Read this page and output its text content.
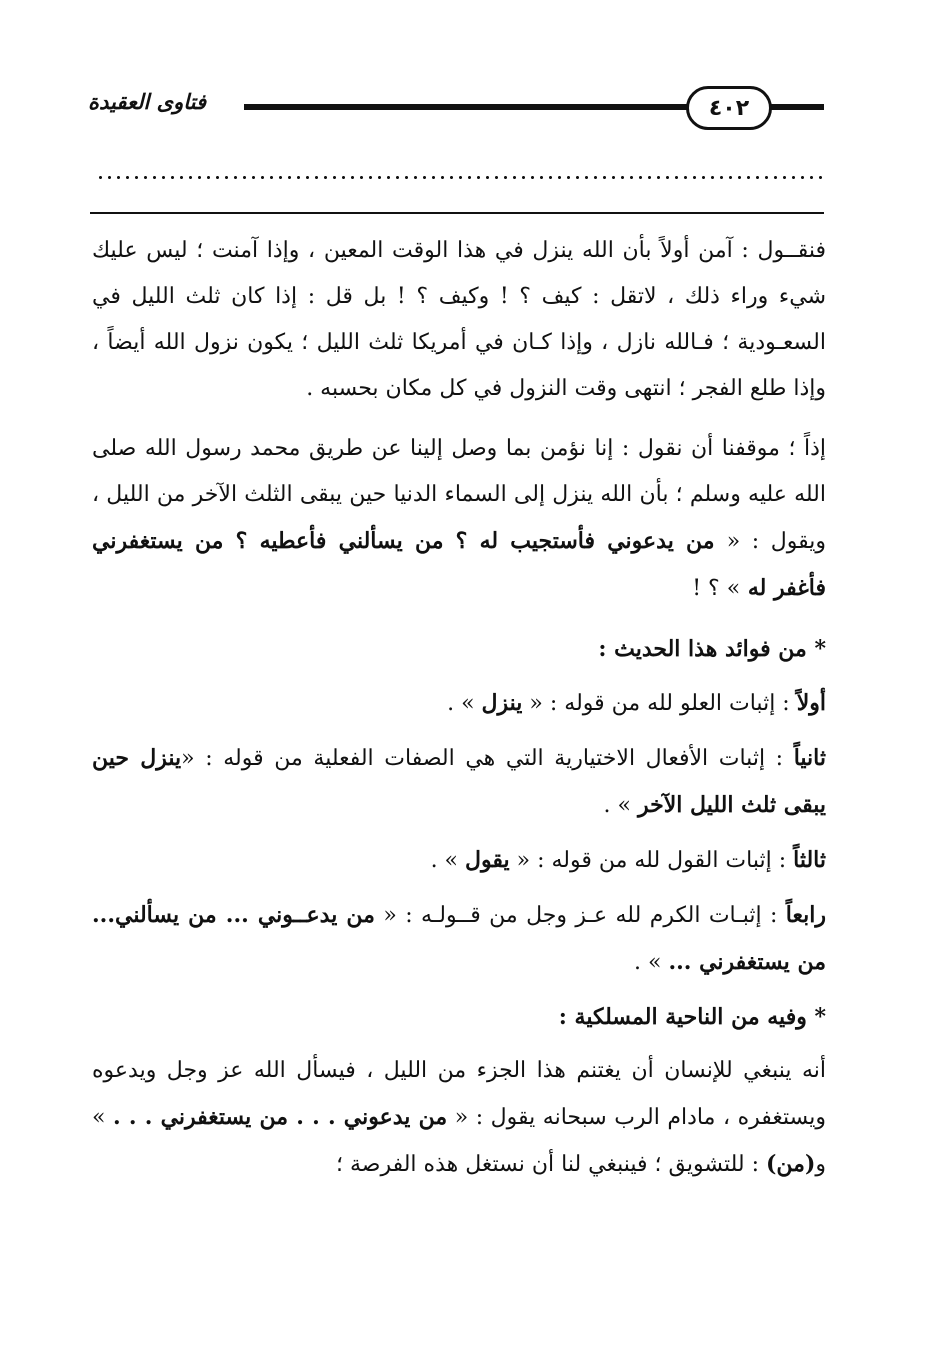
فتاوى العقيدة	٤٠٢

فنقــول : آمن أولاً بأن الله ينزل في هذا الوقت المعين ، وإذا آمنت ؛ ليس عليك شيء وراء ذلك ، لاتقل : كيف ؟ ! وكيف ؟ ! بل قل : إذا كان ثلث الليل في السعـودية ؛ فـالله نازل ، وإذا كـان في أمريكا ثلث الليل ؛ يكون نزول الله أيضاً ، وإذا طلع الفجر ؛ انتهى وقت النزول في كل مكان بحسبه .

إذاً ؛ موقفنا أن نقول : إنا نؤمن بما وصل إلينا عن طريق محمد رسول الله صلى الله عليه وسلم ؛ بأن الله ينزل إلى السماء الدنيا حين يبقى الثلث الآخر من الليل ، ويقول : « من يدعوني فأستجيب له ؟ من يسألني فأعطيه ؟ من يستغفرني فأغفر له » ؟ !

* من فوائد هذا الحديث :

أولاً : إثبات العلو لله من قوله : « ينزل » .

ثانياً : إثبات الأفعال الاختيارية التي هي الصفات الفعلية من قوله : «ينزل حين يبقى ثلث الليل الآخر » .

ثالثاً : إثبات القول لله من قوله : « يقول » .

رابعاً : إثبـات الكرم لله عـز وجل من قــولـه : « من يدعــوني ... من يسألني... من يستغفرني ... » .

* وفيه من الناحية المسلكية :

أنه ينبغي للإنسان أن يغتنم هذا الجزء من الليل ، فيسأل الله عز وجل ويدعوه ويستغفره ، مادام الرب سبحانه يقول : « من يدعوني . . . من يستغفرني . . . » و(من) : للتشويق ؛ فينبغي لنا أن نستغل هذه الفرصة ؛
